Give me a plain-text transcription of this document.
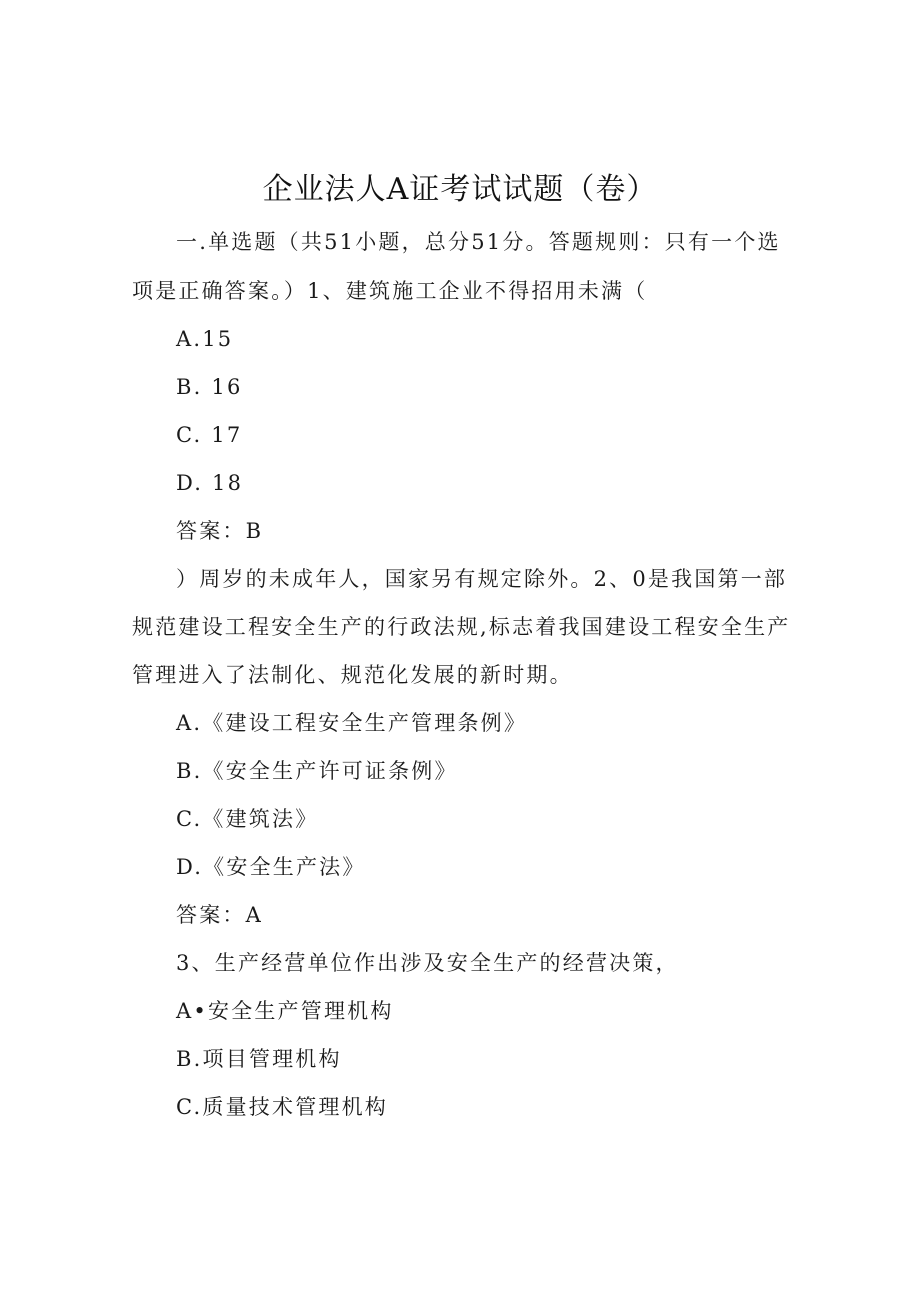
企业法人A证考试试题（卷）
一.单选题（共51小题，总分51分。答题规则：只有一个选
项是正确答案。）1、建筑施工企业不得招用未满（
A.15
B. 16
C. 17
D. 18
答案：B
）周岁的未成年人，国家另有规定除外。2、0是我国第一部
规范建设工程安全生产的行政法规,标志着我国建设工程安全生产
管理进入了法制化、规范化发展的新时期。
A.《建设工程安全生产管理条例》
B.《安全生产许可证条例》
C.《建筑法》
D.《安全生产法》
答案：A
3、生产经营单位作出涉及安全生产的经营决策，
A•安全生产管理机构
B.项目管理机构
C.质量技术管理机构
